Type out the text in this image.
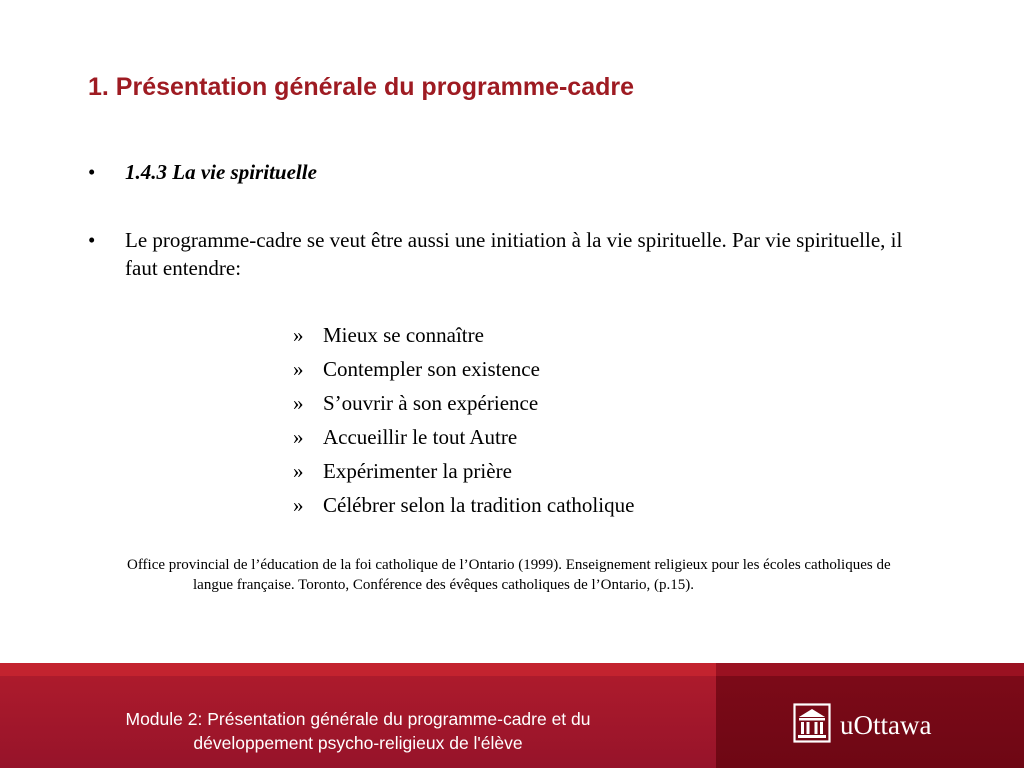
1. Présentation générale du programme-cadre
• 1.4.3 La vie spirituelle
• Le programme-cadre se veut être aussi une initiation à la vie spirituelle. Par vie spirituelle, il faut entendre:
» Mieux se connaître
» Contempler son existence
» S’ouvrir à son expérience
» Accueillir le tout Autre
» Expérimenter la prière
» Célébrer selon la tradition catholique
Office provincial de l’éducation de la foi catholique de l’Ontario (1999). Enseignement religieux pour les écoles catholiques de langue française. Toronto, Conférence des évêques catholiques de l’Ontario, (p.15).
Module 2: Présentation générale du programme-cadre et du
développement psycho-religieux de l'élève
uOttawa
